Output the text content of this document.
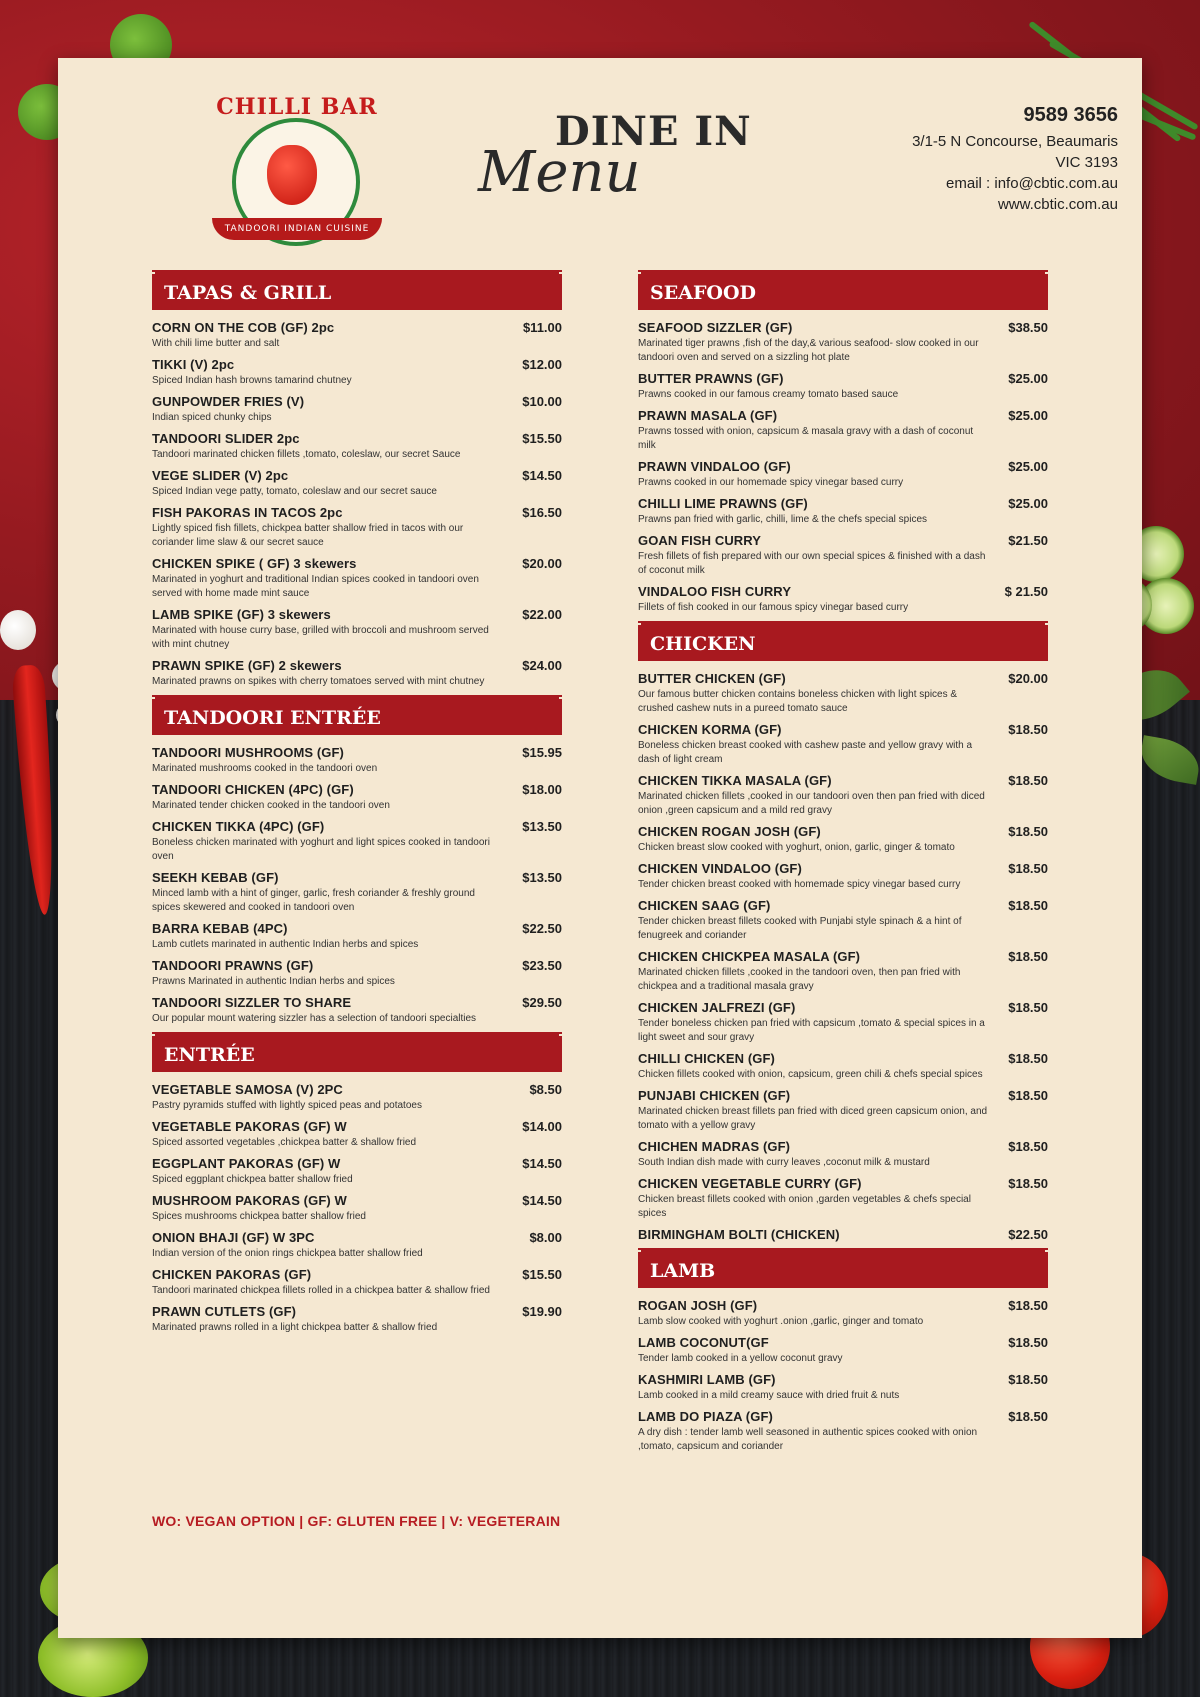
CHILLI BAR
TANDOORI INDIAN CUISINE
DINE IN
Menu
9589 3656
3/1-5 N Concourse, Beaumaris
VIC 3193
email : info@cbtic.com.au
www.cbtic.com.au
TAPAS & GRILL
CORN ON THE COB (GF) 2pc	$11.00
With chili lime butter and salt
TIKKI (V) 2pc	$12.00
Spiced Indian hash browns tamarind chutney
GUNPOWDER FRIES (V)	$10.00
Indian spiced chunky chips
TANDOORI SLIDER 2pc	$15.50
Tandoori marinated chicken fillets ,tomato, coleslaw, our secret Sauce
VEGE SLIDER (V) 2pc	$14.50
Spiced Indian vege patty, tomato, coleslaw and our secret sauce
FISH PAKORAS IN TACOS 2pc	$16.50
Lightly spiced fish fillets, chickpea batter shallow fried in tacos with our coriander lime slaw & our secret sauce
CHICKEN SPIKE ( GF) 3 skewers	$20.00
Marinated in yoghurt and traditional Indian spices cooked in tandoori oven served with home made mint sauce
LAMB SPIKE (GF) 3 skewers	$22.00
Marinated with house curry base, grilled with broccoli and mushroom served with mint chutney
PRAWN SPIKE (GF) 2 skewers	$24.00
Marinated prawns on spikes with cherry tomatoes served with mint chutney
TANDOORI ENTRÉE
TANDOORI MUSHROOMS (GF)	$15.95
Marinated mushrooms cooked in the tandoori oven
TANDOORI CHICKEN (4PC) (GF)	$18.00
Marinated tender chicken cooked in the tandoori oven
CHICKEN TIKKA (4PC) (GF)	$13.50
Boneless chicken marinated with yoghurt and light spices cooked in tandoori oven
SEEKH KEBAB (GF)	$13.50
Minced lamb with a hint of ginger, garlic, fresh coriander & freshly ground spices skewered and cooked in tandoori oven
BARRA KEBAB (4PC)	$22.50
Lamb cutlets marinated in authentic Indian herbs and spices
TANDOORI PRAWNS (GF)	$23.50
Prawns Marinated in authentic Indian herbs and spices
TANDOORI SIZZLER TO SHARE	$29.50
Our popular mount watering sizzler has a selection of tandoori specialties
ENTRÉE
VEGETABLE SAMOSA (V) 2PC	$8.50
Pastry pyramids stuffed with lightly spiced peas and potatoes
VEGETABLE PAKORAS (GF) W	$14.00
Spiced assorted vegetables ,chickpea batter & shallow fried
EGGPLANT PAKORAS (GF) W	$14.50
Spiced eggplant chickpea batter shallow fried
MUSHROOM PAKORAS (GF) W	$14.50
Spices mushrooms chickpea batter shallow fried
ONION BHAJI (GF) W 3PC	$8.00
Indian version of the onion rings chickpea batter shallow fried
CHICKEN PAKORAS (GF)	$15.50
Tandoori marinated chickpea fillets rolled in a chickpea batter & shallow fried
PRAWN CUTLETS (GF)	$19.90
Marinated prawns rolled in a light chickpea batter & shallow fried
SEAFOOD
SEAFOOD SIZZLER (GF)	$38.50
Marinated tiger prawns ,fish of the day,& various seafood- slow cooked in our tandoori oven and served on a sizzling hot plate
BUTTER PRAWNS (GF)	$25.00
Prawns cooked in our famous creamy tomato based sauce
PRAWN MASALA (GF)	$25.00
Prawns tossed with onion, capsicum & masala gravy with a dash of coconut milk
PRAWN VINDALOO (GF)	$25.00
Prawns cooked in our homemade spicy vinegar based curry
CHILLI LIME PRAWNS (GF)	$25.00
Prawns pan fried with garlic, chilli, lime & the chefs special spices
GOAN FISH CURRY	$21.50
Fresh fillets of fish prepared with our own special spices & finished with a dash of coconut milk
VINDALOO FISH CURRY	$ 21.50
Fillets of fish cooked in our famous spicy vinegar based curry
CHICKEN
BUTTER CHICKEN (GF)	$20.00
Our famous butter chicken contains boneless chicken with light spices & crushed cashew nuts in a pureed tomato sauce
CHICKEN KORMA (GF)	$18.50
Boneless chicken breast cooked with cashew paste and yellow gravy with a dash of light cream
CHICKEN TIKKA MASALA (GF)	$18.50
Marinated chicken fillets ,cooked in our tandoori oven then pan fried with diced onion ,green capsicum and a mild red gravy
CHICKEN ROGAN JOSH (GF)	$18.50
Chicken breast slow cooked with yoghurt, onion, garlic, ginger & tomato
CHICKEN VINDALOO (GF)	$18.50
Tender chicken breast cooked with homemade spicy vinegar based curry
CHICKEN SAAG (GF)	$18.50
Tender chicken breast fillets cooked with Punjabi style spinach & a hint of fenugreek and coriander
CHICKEN CHICKPEA MASALA (GF)	$18.50
Marinated chicken fillets ,cooked in the tandoori oven, then pan fried with chickpea and a traditional masala gravy
CHICKEN JALFREZI (GF)	$18.50
Tender boneless chicken pan fried with capsicum ,tomato & special spices in a light sweet and sour gravy
CHILLI CHICKEN (GF)	$18.50
Chicken fillets cooked with onion, capsicum, green chili & chefs special spices
PUNJABI CHICKEN (GF)	$18.50
Marinated chicken breast fillets pan fried with diced green capsicum onion, and tomato with a yellow gravy
CHICHEN MADRAS (GF)	$18.50
South Indian dish made with curry leaves ,coconut milk & mustard
CHICKEN VEGETABLE CURRY (GF)	$18.50
Chicken breast fillets cooked with onion ,garden vegetables & chefs special spices
BIRMINGHAM BOLTI (CHICKEN)	$22.50
LAMB
ROGAN JOSH (GF)	$18.50
Lamb slow cooked with yoghurt .onion ,garlic, ginger and tomato
LAMB COCONUT(GF	$18.50
Tender lamb cooked in a yellow coconut gravy
KASHMIRI LAMB (GF)	$18.50
Lamb cooked in a mild creamy sauce with dried fruit & nuts
LAMB DO PIAZA (GF)	$18.50
A dry dish : tender lamb well seasoned in authentic spices cooked with onion ,tomato, capsicum and coriander
WO: VEGAN OPTION | GF: GLUTEN FREE | V: VEGETERAIN
